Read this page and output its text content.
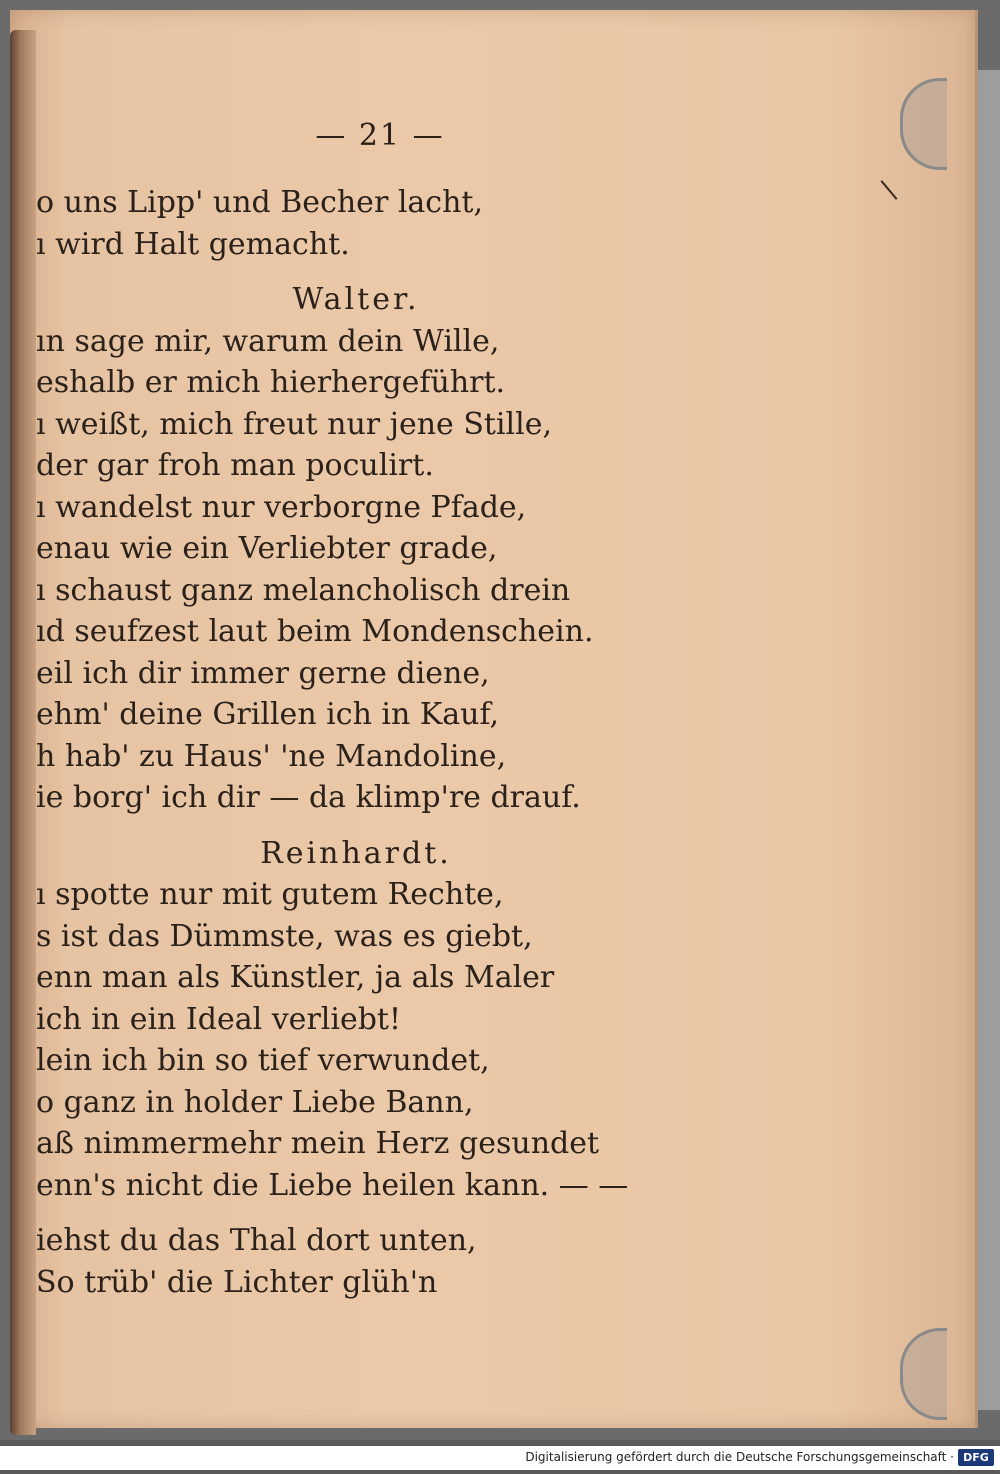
— 21 —
o uns Lipp' und Becher lacht,
ı wird Halt gemacht.
Walter.
ın sage mir, warum dein Wille,
eshalb er mich hierhergeführt.
ı weißt, mich freut nur jene Stille,
der gar froh man poculirt.
ı wandelst nur verborgne Pfade,
enau wie ein Verliebter grade,
ı schaust ganz melancholisch drein
ıd seufzest laut beim Mondenschein.
eil ich dir immer gerne diene,
ehm' deine Grillen ich in Kauf,
h hab' zu Haus' 'ne Mandoline,
ie borg' ich dir — da klimp're drauf.
Reinhardt.
ı spotte nur mit gutem Rechte,
s ist das Dümmste, was es giebt,
enn man als Künstler, ja als Maler
ich in ein Ideal verliebt!
lein ich bin so tief verwundet,
o ganz in holder Liebe Bann,
aß nimmermehr mein Herz gesundet
enn's nicht die Liebe heilen kann. — —
iehst du das Thal dort unten,
So trüb' die Lichter glüh'n
Digitalisierung gefördert durch die Deutsche Forschungsgemeinschaft · DFG
